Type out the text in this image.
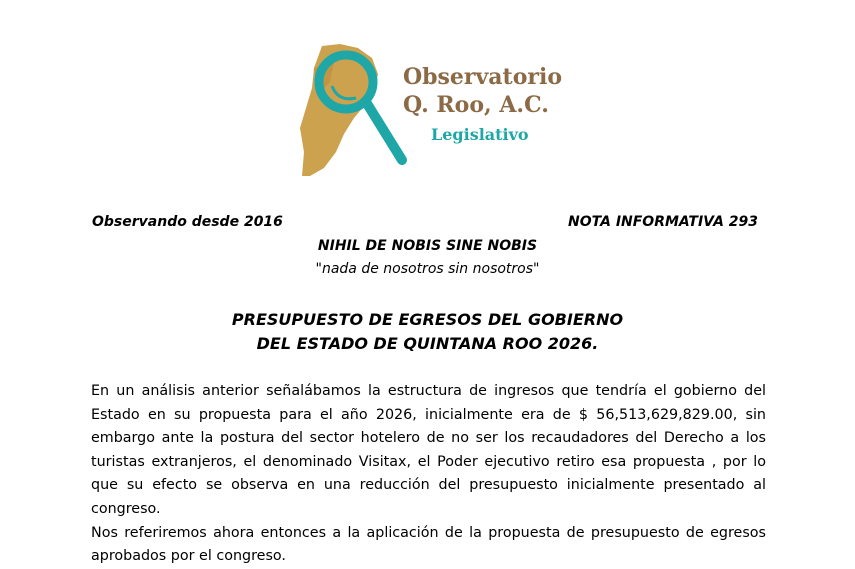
Observatorio
Q. Roo, A.C.
Legislativo
Observando desde 2016	NOTA INFORMATIVA 293
NIHIL DE NOBIS SINE NOBIS
"nada de nosotros sin nosotros"
PRESUPUESTO DE EGRESOS DEL GOBIERNO
DEL ESTADO DE QUINTANA ROO 2026.

En un análisis anterior señalábamos la estructura de ingresos que tendría el gobierno del Estado en su propuesta para el año 2026, inicialmente era de $ 56,513,629,829.00, sin embargo ante la postura del sector hotelero de no ser los recaudadores del Derecho a los turistas extranjeros, el denominado Visitax, el Poder ejecutivo retiro esa propuesta , por lo que su efecto se observa en una reducción del presupuesto inicialmente presentado al congreso.

Nos referiremos ahora entonces a la aplicación de la propuesta de presupuesto de egresos aprobados por el congreso.
